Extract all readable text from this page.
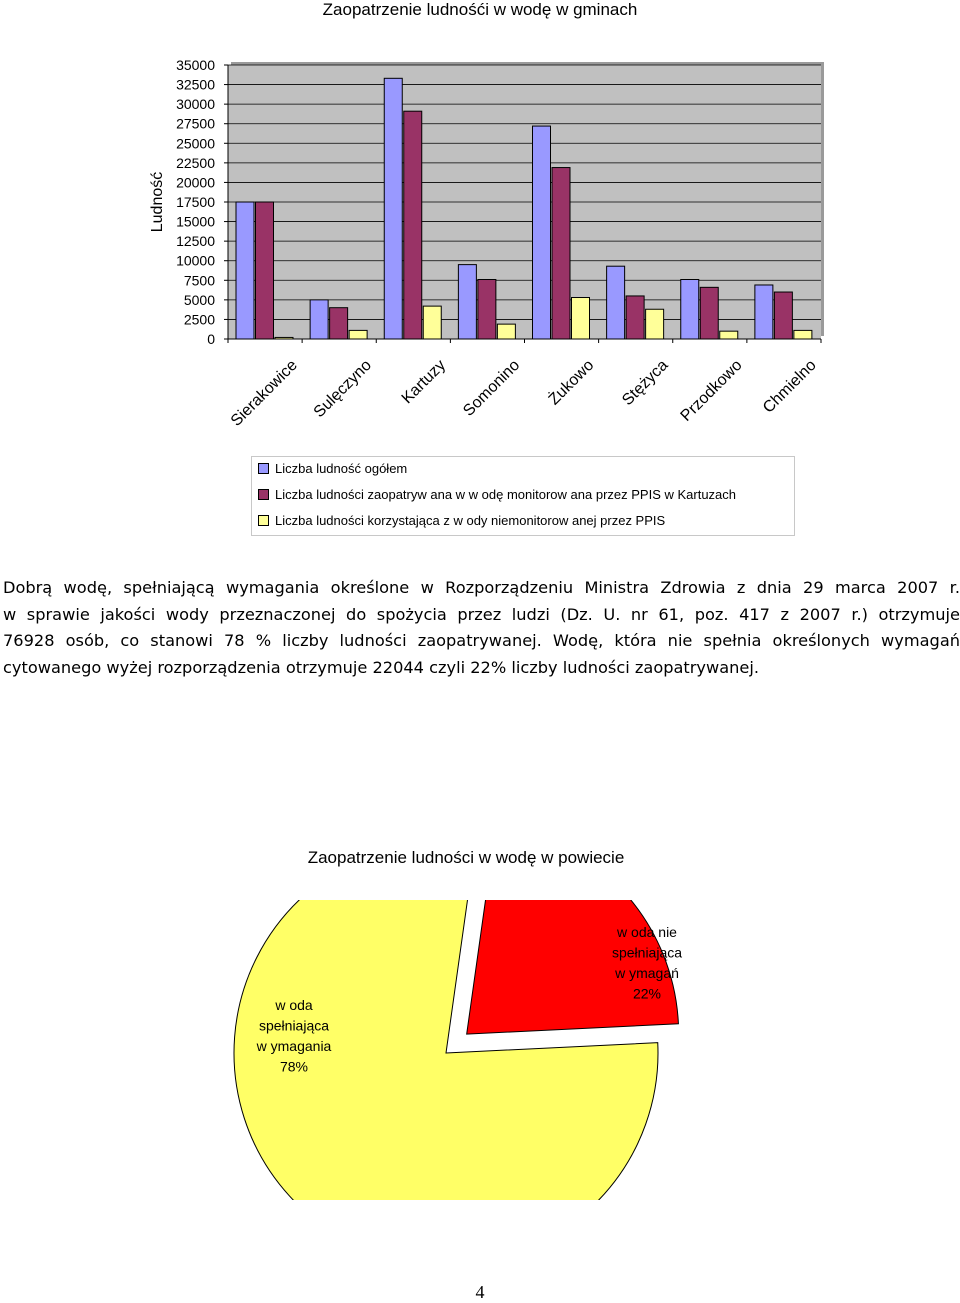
Zaopatrzenie ludnośći w wodę w gminach
35000
32500
30000
27500
25000
22500
20000
17500
15000
12500
10000
7500
5000
2500
0
Ludność
Sierakowice Sulęczyno Kartuzy Somonino Żukowo Stężyca Przodkowo Chmielno
Liczba ludność ogółem
Liczba ludności zaopatryw ana w w odę monitorow ana przez PPIS w Kartuzach
Liczba ludności korzystająca z w ody niemonitorow anej przez PPIS
Dobrą wodę, spełniającą wymagania określone w Rozporządzeniu Ministra Zdrowia z dnia 29 marca 2007 r.
w sprawie jakości wody przeznaczonej do spożycia przez ludzi (Dz. U. nr 61, poz. 417 z 2007 r.) otrzymuje
76928 osób, co stanowi 78 % liczby ludności zaopatrywanej. Wodę, która nie spełnia określonych wymagań
cytowanego wyżej rozporządzenia otrzymuje 22044 czyli 22% liczby ludności zaopatrywanej.
Zaopatrzenie ludności w wodę w powiecie
w oda
spełniająca
w ymagania
78%
w oda nie
spełniająca
w ymagań
22%
4
